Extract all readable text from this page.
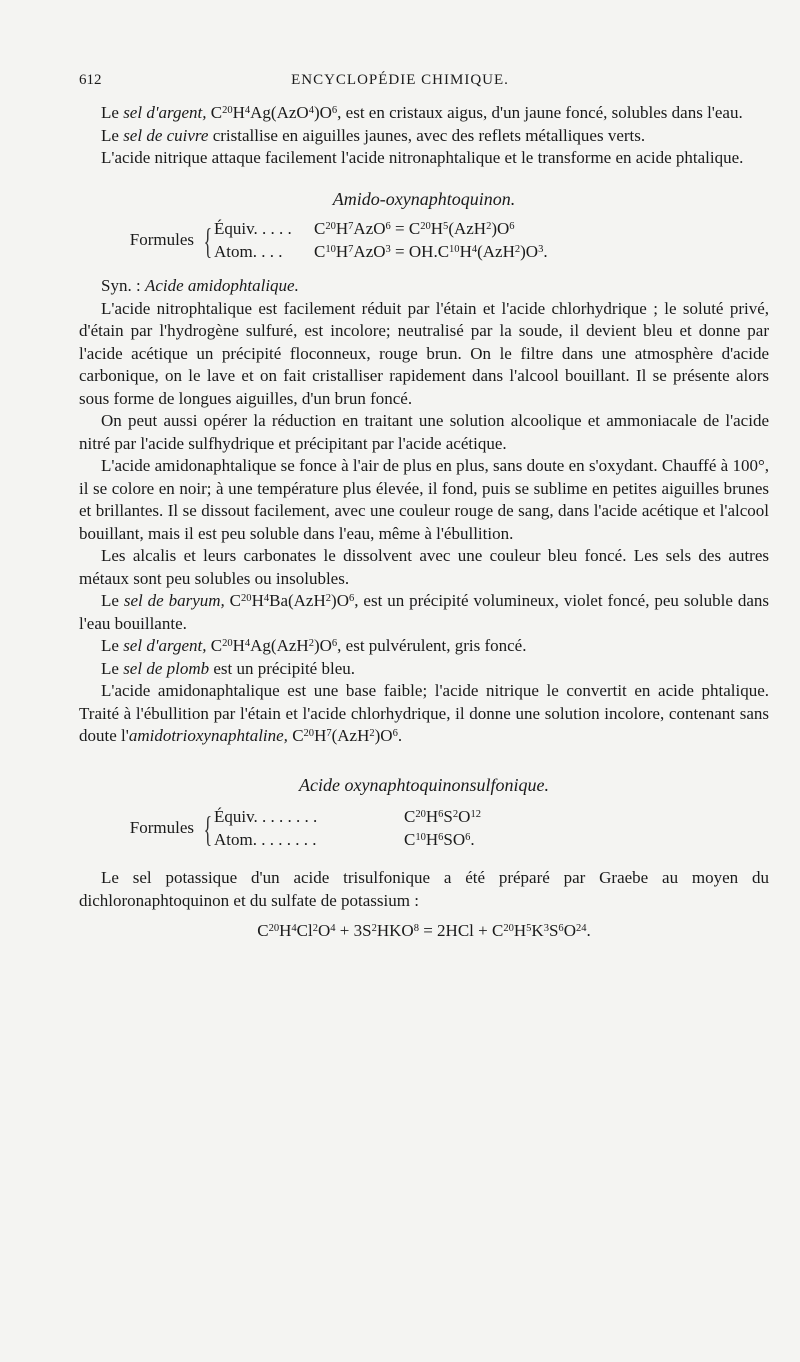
612	ENCYCLOPÉDIE CHIMIQUE.

Le sel d'argent, $C^{20}H^4Ag(AzO^4)O^6$, est en cristaux aigus, d'un jaune foncé, solubles dans l'eau.

Le sel de cuivre cristallise en aiguilles jaunes, avec des reflets métalliques verts.

L'acide nitrique attaque facilement l'acide nitronaphtalique et le transforme en acide phtalique.

Amido-oxynaphtoquinon.

Formules { Équiv. . . . .	$C^{20}H^7AzO^6 = C^{20}H^5(AzH^2)O^6$
Atom. . . .	$C^{10}H^7AzO^3 = OH.C^{10}H^4(AzH^2)O^3$.

Syn. : Acide amidophtalique.

L'acide nitrophtalique est facilement réduit par l'étain et l'acide chlorhydrique ; le soluté privé, d'étain par l'hydrogène sulfuré, est incolore; neutralisé par la soude, il devient bleu et donne par l'acide acétique un précipité floconneux, rouge brun. On le filtre dans une atmosphère d'acide carbonique, on le lave et on fait cristalliser rapidement dans l'alcool bouillant. Il se présente alors sous forme de longues aiguilles, d'un brun foncé.

On peut aussi opérer la réduction en traitant une solution alcoolique et ammoniacale de l'acide nitré par l'acide sulfhydrique et précipitant par l'acide acétique.

L'acide amidonaphtalique se fonce à l'air de plus en plus, sans doute en s'oxydant. Chauffé à 100°, il se colore en noir; à une température plus élevée, il fond, puis se sublime en petites aiguilles brunes et brillantes. Il se dissout facilement, avec une couleur rouge de sang, dans l'acide acétique et l'alcool bouillant, mais il est peu soluble dans l'eau, même à l'ébullition.

Les alcalis et leurs carbonates le dissolvent avec une couleur bleu foncé. Les sels des autres métaux sont peu solubles ou insolubles.

Le sel de baryum, $C^{20}H^4Ba(AzH^2)O^6$, est un précipité volumineux, violet foncé, peu soluble dans l'eau bouillante.

Le sel d'argent, $C^{20}H^4Ag(AzH^2)O^6$, est pulvérulent, gris foncé.

Le sel de plomb est un précipité bleu.

L'acide amidonaphtalique est une base faible; l'acide nitrique le convertit en acide phtalique. Traité à l'ébullition par l'étain et l'acide chlorhydrique, il donne une solution incolore, contenant sans doute l'amidotrioxynaphtaline, $C^{20}H^7(AzH^2)O^6$.

Acide oxynaphtoquinonsulfonique.

Formules { Équiv. . . . . . . .	$C^{20}H^6S^2O^{12}$
Atom. . . . . . . .	$C^{10}H^6SO^6$.

Le sel potassique d'un acide trisulfonique a été préparé par Graebe au moyen du dichloronaphtoquinon et du sulfate de potassium :

$C^{20}H^4Cl^2O^4 + 3S^2HKO^8 = 2HCl + C^{20}H^5K^3S^6O^{24}$.
